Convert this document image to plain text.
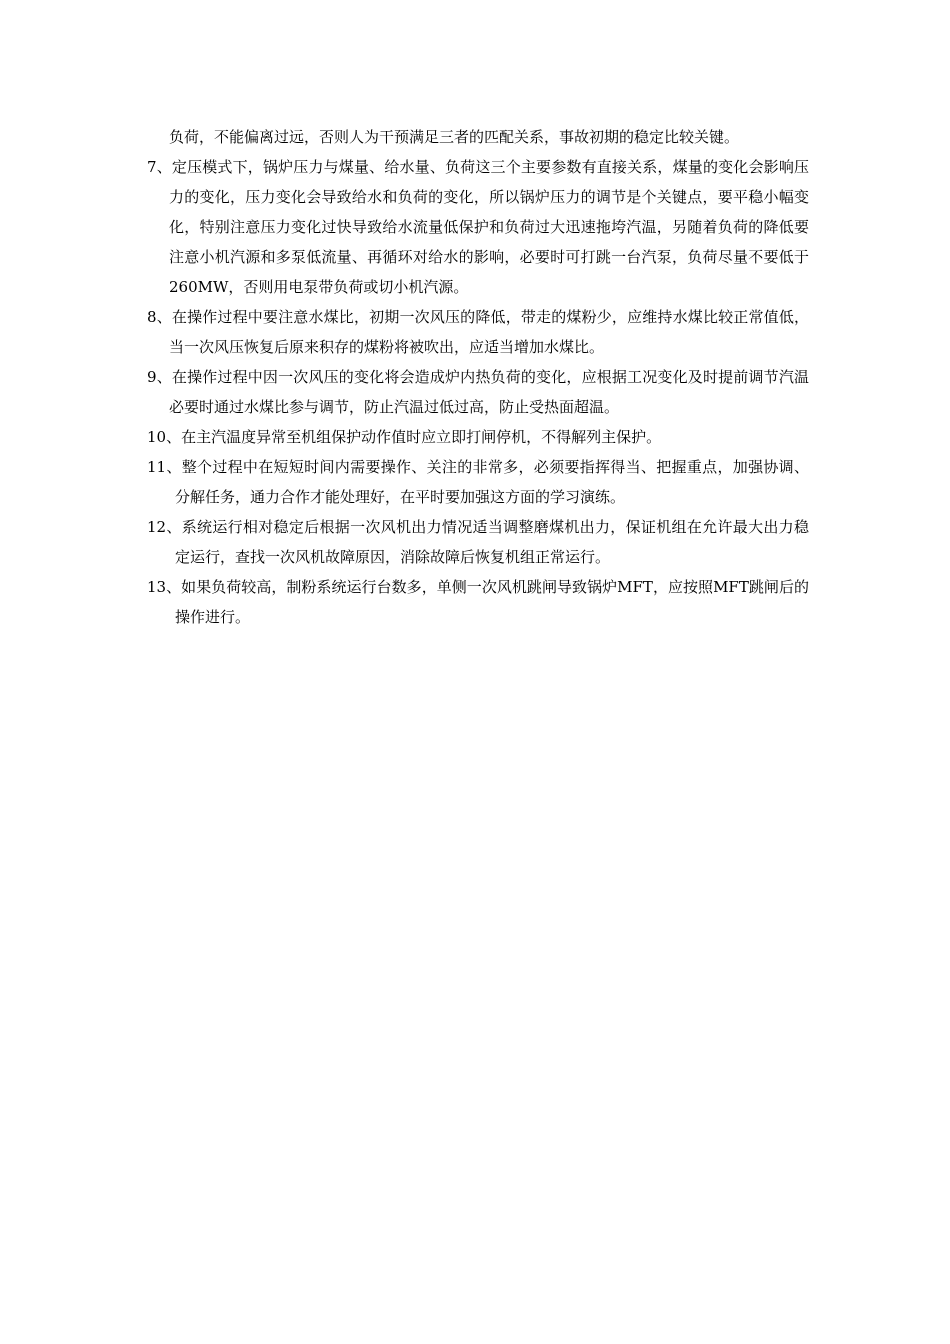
负荷，不能偏离过远，否则人为干预满足三者的匹配关系，事故初期的稳定比较关键。

7、定压模式下，锅炉压力与煤量、给水量、负荷这三个主要参数有直接关系，煤量的变化会影响压力的变化，压力变化会导致给水和负荷的变化，所以锅炉压力的调节是个关键点，要平稳小幅变化，特别注意压力变化过快导致给水流量低保护和负荷过大迅速拖垮汽温，另随着负荷的降低要注意小机汽源和多泵低流量、再循环对给水的影响，必要时可打跳一台汽泵，负荷尽量不要低于260MW，否则用电泵带负荷或切小机汽源。

8、在操作过程中要注意水煤比，初期一次风压的降低，带走的煤粉少，应维持水煤比较正常值低，当一次风压恢复后原来积存的煤粉将被吹出，应适当增加水煤比。

9、在操作过程中因一次风压的变化将会造成炉内热负荷的变化，应根据工况变化及时提前调节汽温必要时通过水煤比参与调节，防止汽温过低过高，防止受热面超温。

10、在主汽温度异常至机组保护动作值时应立即打闸停机，不得解列主保护。

11、整个过程中在短短时间内需要操作、关注的非常多，必须要指挥得当、把握重点，加强协调、分解任务，通力合作才能处理好，在平时要加强这方面的学习演练。

12、系统运行相对稳定后根据一次风机出力情况适当调整磨煤机出力，保证机组在允许最大出力稳定运行，查找一次风机故障原因，消除故障后恢复机组正常运行。

13、如果负荷较高，制粉系统运行台数多，单侧一次风机跳闸导致锅炉MFT，应按照MFT跳闸后的操作进行。
